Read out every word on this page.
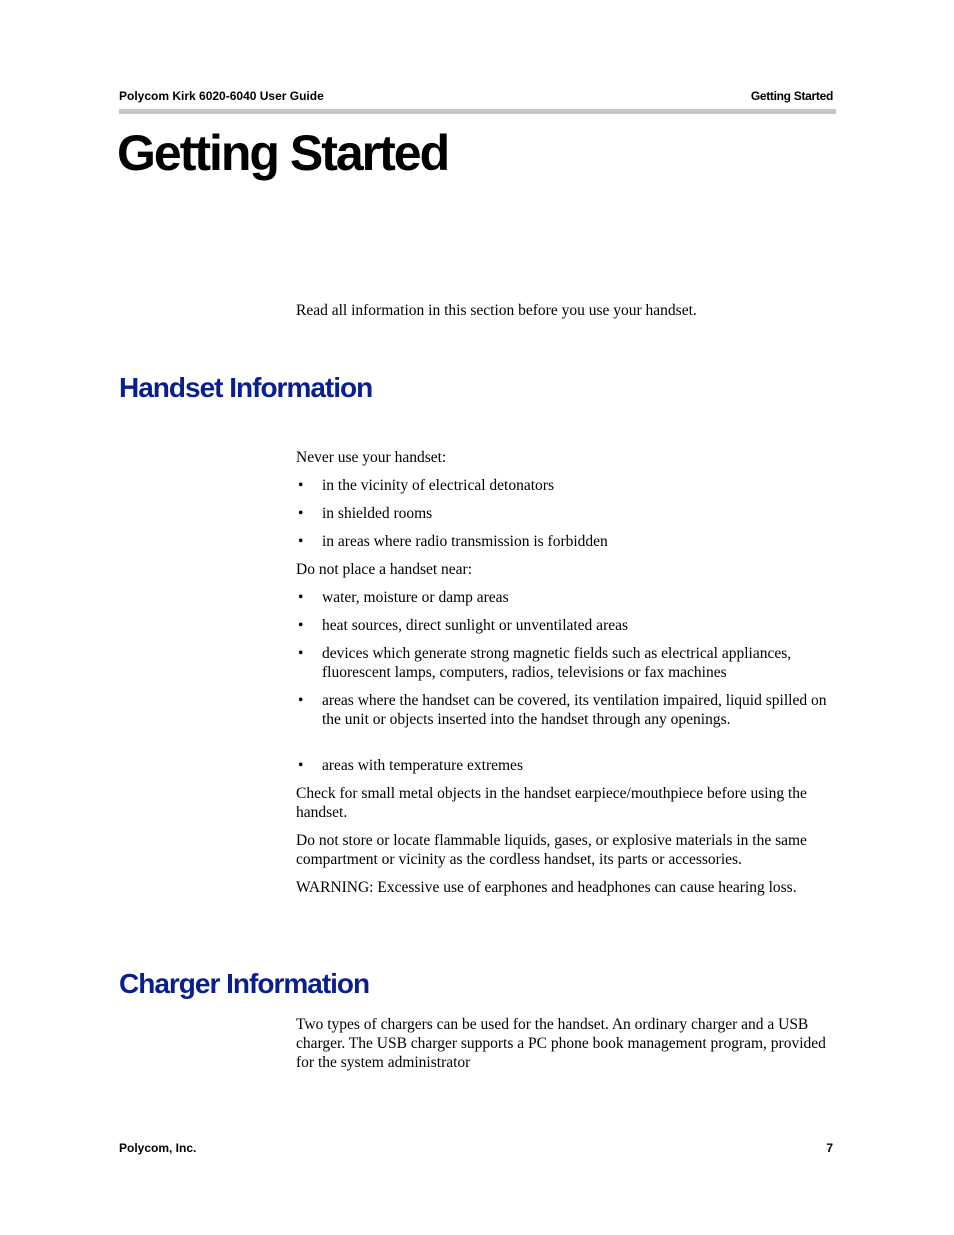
Polycom Kirk 6020-6040 User Guide	Getting Started
Getting Started

Read all information in this section before you use your handset.

Handset Information

Never use your handset:

• in the vicinity of electrical detonators
• in shielded rooms
• in areas where radio transmission is forbidden

Do not place a handset near:

• water, moisture or damp areas
• heat sources, direct sunlight or unventilated areas
• devices which generate strong magnetic fields such as electrical appliances, fluorescent lamps, computers, radios, televisions or fax machines
• areas where the handset can be covered, its ventilation impaired, liquid spilled on the unit or objects inserted into the handset through any openings.
• areas with temperature extremes

Check for small metal objects in the handset earpiece/mouthpiece before using the handset.

Do not store or locate flammable liquids, gases, or explosive materials in the same compartment or vicinity as the cordless handset, its parts or accessories.

WARNING: Excessive use of earphones and headphones can cause hearing loss.

Charger Information

Two types of chargers can be used for the handset. An ordinary charger and a USB charger. The USB charger supports a PC phone book management program, provided for the system administrator

Polycom, Inc.	7
